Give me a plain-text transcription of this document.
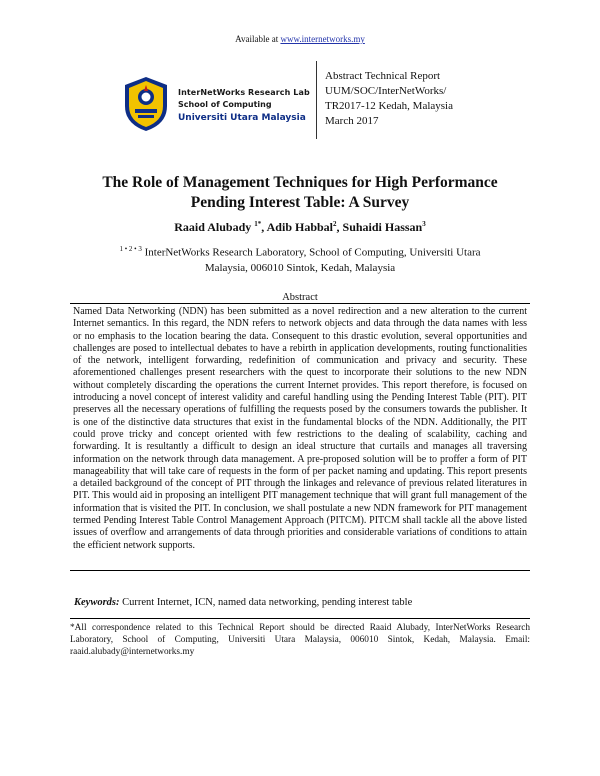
Available at www.internetworks.my
InterNetWorks Research Lab
School of Computing
Universiti Utara Malaysia
Abstract Technical Report
UUM/SOC/InterNetWorks/
TR2017-12 Kedah, Malaysia
March 2017
The Role of Management Techniques for High Performance
Pending Interest Table: A Survey
Raaid Alubady $^{1*}$, Adib Habbal$^2$, Suhaidi Hassan$^3$
$^{1 • 2 • 3}$ InterNetWorks Research Laboratory, School of Computing, Universiti Utara
Malaysia, 006010 Sintok, Kedah, Malaysia
Abstract
Named Data Networking (NDN) has been submitted as a novel redirection and a new alteration to the current Internet semantics. In this regard, the NDN refers to network objects and data through the data names with less or no emphasis to the location bearing the data. Consequent to this drastic evolution, several opportunities and challenges are posed to intellectual debates to have a rebirth in application developments, routing functionalities of the network, intelligent forwarding, redefinition of communication and privacy and security. These aforementioned challenges present researchers with the quest to incorporate their solutions to the new NDN without completely discarding the operations the current Internet provides. This report therefore, is focused on introducing a novel concept of interest validity and careful handling using the Pending Interest Table (PIT). PIT preserves all the necessary operations of fulfilling the requests posed by the consumers towards the publisher. It is one of the distinctive data structures that exist in the fundamental blocks of the NDN. Additionally, the PIT could prove tricky and concept oriented with few restrictions to the dealing of scalability, caching and forwarding. It is resultantly a difficult to design an ideal structure that curtails and manages all traversing information on the network through data management. A pre-proposed solution will be to proffer a form of PIT manageability that will take care of requests in the form of per packet naming and updating. This report presents a detailed background of the concept of PIT through the linkages and relevance of previous related literatures in PIT. This would aid in proposing an intelligent PIT management technique that will grant full management of the information that is visited the PIT. In conclusion, we shall postulate a new NDN framework for PIT management termed Pending Interest Table Control Management Approach (PITCM). PITCM shall tackle all the above listed issues of overflow and arrangements of data through priorities and considerable variations of conditions to attain the efficient network supports.
Keywords: Current Internet, ICN, named data networking, pending interest table
*All correspondence related to this Technical Report should be directed Raaid Alubady, InterNetWorks Research Laboratory, School of Computing, Universiti Utara Malaysia, 006010 Sintok, Kedah, Malaysia. Email: raaid.alubady@internetworks.my
